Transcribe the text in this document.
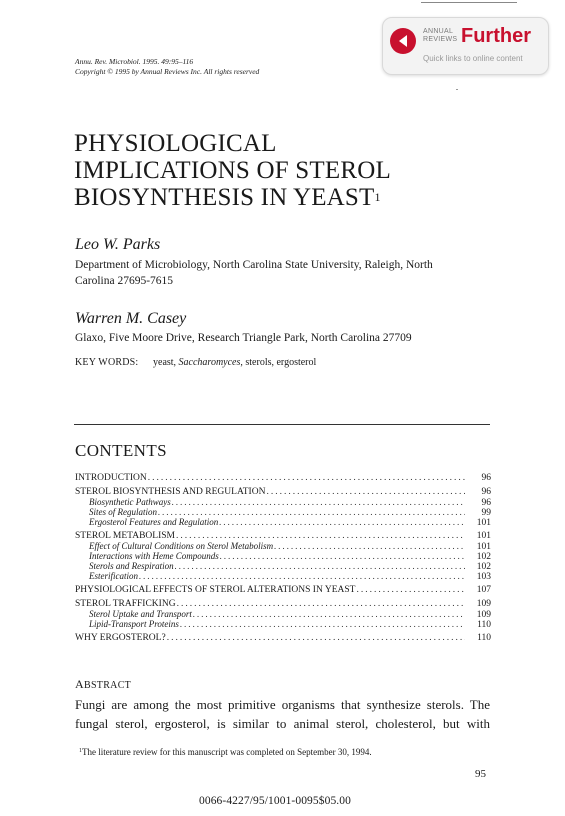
ANNUAL
REVIEWS Further
Quick links to online content
Annu. Rev. Microbiol. 1995. 49:95–116
Copyright © 1995 by Annual Reviews Inc. All rights reserved
PHYSIOLOGICAL
IMPLICATIONS OF STEROL
BIOSYNTHESIS IN YEAST$^1$
Leo W. Parks
Department of Microbiology, North Carolina State University, Raleigh, North
Carolina 27695-7615
Warren M. Casey
Glaxo, Five Moore Drive, Research Triangle Park, North Carolina 27709
KEY WORDS: yeast, Saccharomyces, sterols, ergosterol
CONTENTS
INTRODUCTION .....	96
STEROL BIOSYNTHESIS AND REGULATION .....	96
Biosynthetic Pathways .....	96
Sites of Regulation .....	99
Ergosterol Features and Regulation .....	101
STEROL METABOLISM .....	101
Effect of Cultural Conditions on Sterol Metabolism .....	101
Interactions with Heme Compounds .....	102
Sterols and Respiration .....	102
Esterification .....	103
PHYSIOLOGICAL EFFECTS OF STEROL ALTERATIONS IN YEAST .....	107
STEROL TRAFFICKING .....	109
Sterol Uptake and Transport .....	109
Lipid-Transport Proteins .....	110
WHY ERGOSTEROL? .....	110
ABSTRACT
Fungi are among the most primitive organisms that synthesize sterols. The
fungal sterol, ergosterol, is similar to animal sterol, cholesterol, but with
$^1$The literature review for this manuscript was completed on September 30, 1994.
95
0066-4227/95/1001-0095$05.00
